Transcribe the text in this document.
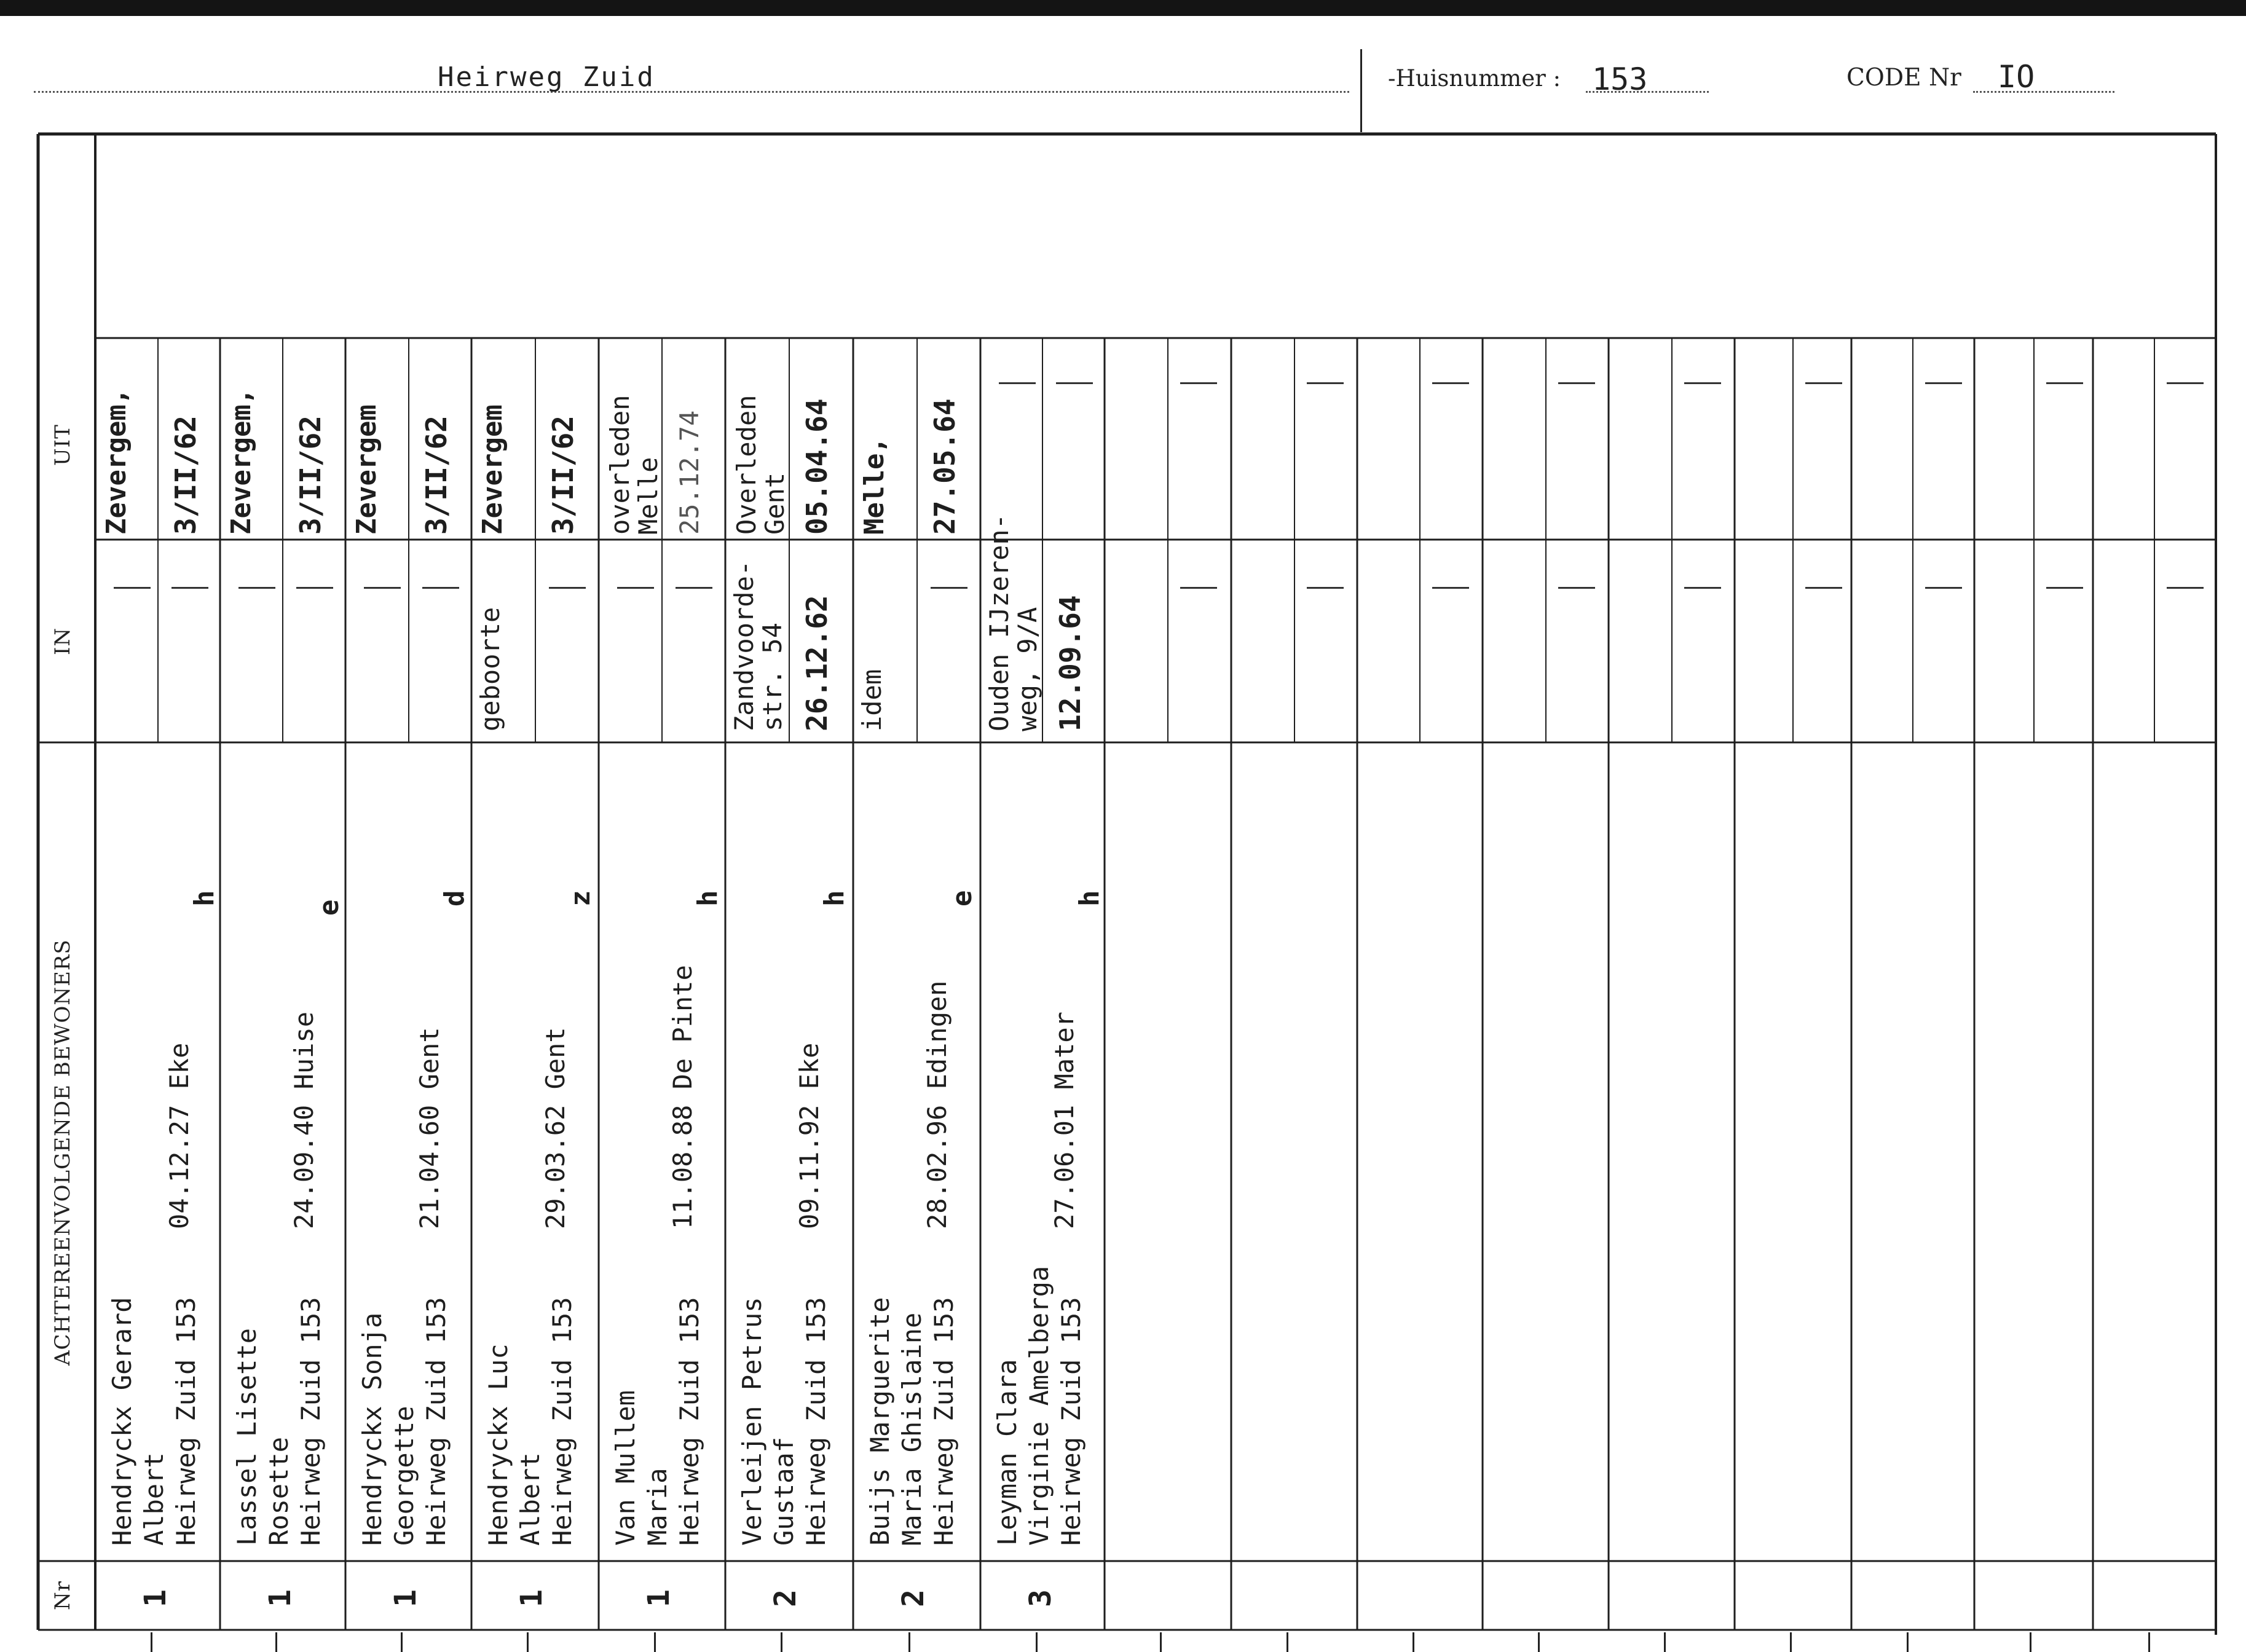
Heirweg Zuid	-Huisnummer : 153	CODE Nr IO
UIT
IN
ACHTEREENVOLGENDE BEWONERS
Nr
Hendryckx Gerard Albert Heirweg Zuid 153
04.12.27 Eke
h
1
Zevergem, 3/II/62
Lassel Lisette Rosette Heirweg Zuid 153
24.09.40 Huise
e
1
Zevergem, 3/II/62
Hendryckx Sonja Georgette Heirweg Zuid 153
21.04.60 Gent
d
1
Zevergem 3/II/62
Hendryckx Luc Albert Heirweg Zuid 153
29.03.62 Gent
z
1
geboorte
Zevergem 3/II/62
Van Mullem Maria Heirweg Zuid 153
11.08.88 De Pinte
h
1
overleden
Melle 25.12.74
Verleijen Petrus Gustaaf Heirweg Zuid 153
09.11.92 Eke
h
2
Zandvoorde-
str. 54 26.12.62
Overleden
Gent 05.04.64
Buijs Marguerite Maria Ghislaine Heirweg Zuid 153
28.02.96 Edingen
e
2
idem
Melle, 27.05.64
Leyman Clara Virginie Amelberga Heirweg Zuid 153
27.06.01 Mater
h
3
Ouden IJzeren-
weg, 9/A 12.09.64
